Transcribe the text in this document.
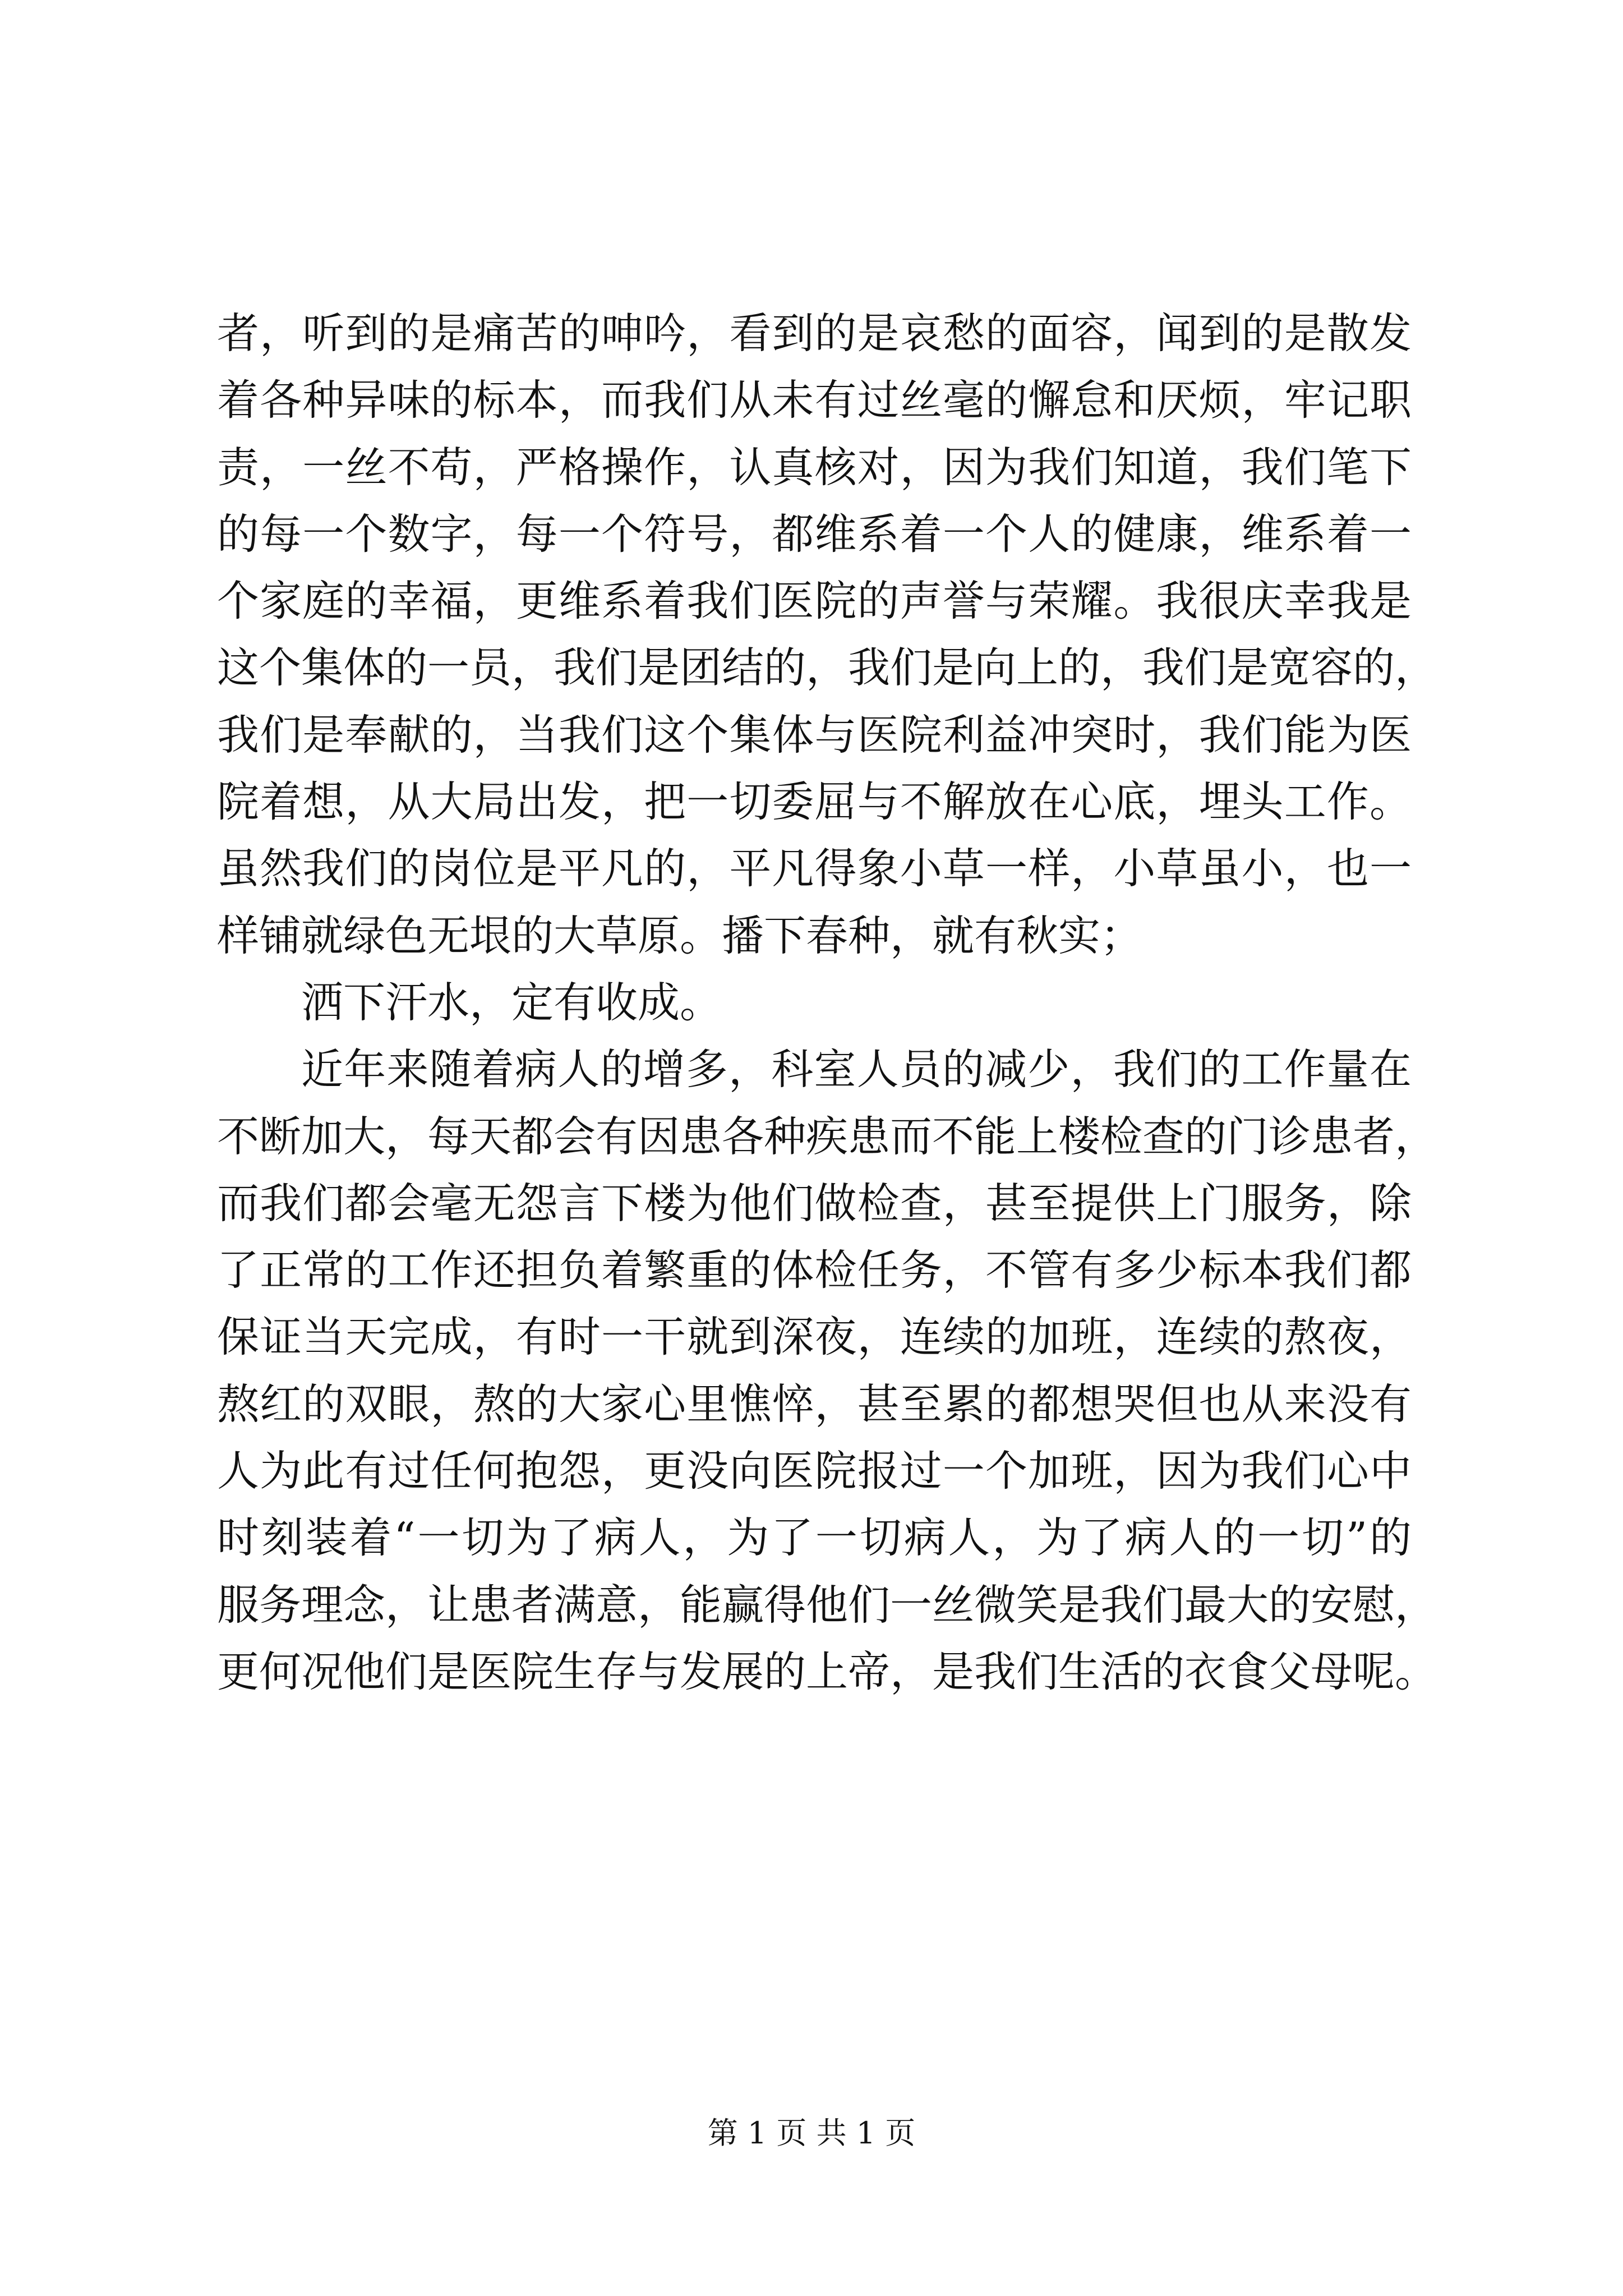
者，听到的是痛苦的呻吟，看到的是哀愁的面容，闻到的是散发
着各种异味的标本，而我们从未有过丝毫的懈怠和厌烦，牢记职
责，一丝不苟，严格操作，认真核对，因为我们知道，我们笔下
的每一个数字，每一个符号，都维系着一个人的健康，维系着一
个家庭的幸福，更维系着我们医院的声誉与荣耀。我很庆幸我是
这个集体的一员，我们是团结的，我们是向上的，我们是宽容的，
我们是奉献的，当我们这个集体与医院利益冲突时，我们能为医
院着想，从大局出发，把一切委屈与不解放在心底，埋头工作。
虽然我们的岗位是平凡的，平凡得象小草一样，小草虽小，也一
样铺就绿色无垠的大草原。播下春种，就有秋实；
洒下汗水，定有收成。
近年来随着病人的增多，科室人员的减少，我们的工作量在
不断加大，每天都会有因患各种疾患而不能上楼检查的门诊患者，
而我们都会毫无怨言下楼为他们做检查，甚至提供上门服务，除
了正常的工作还担负着繁重的体检任务，不管有多少标本我们都
保证当天完成，有时一干就到深夜，连续的加班，连续的熬夜，
熬红的双眼，熬的大家心里憔悴，甚至累的都想哭但也从来没有
人为此有过任何抱怨，更没向医院报过一个加班，因为我们心中
时刻装着“一切为了病人，为了一切病人，为了病人的一切”的
服务理念，让患者满意，能赢得他们一丝微笑是我们最大的安慰，
更何况他们是医院生存与发展的上帝，是我们生活的衣食父母呢。
第 1 页 共 1 页
